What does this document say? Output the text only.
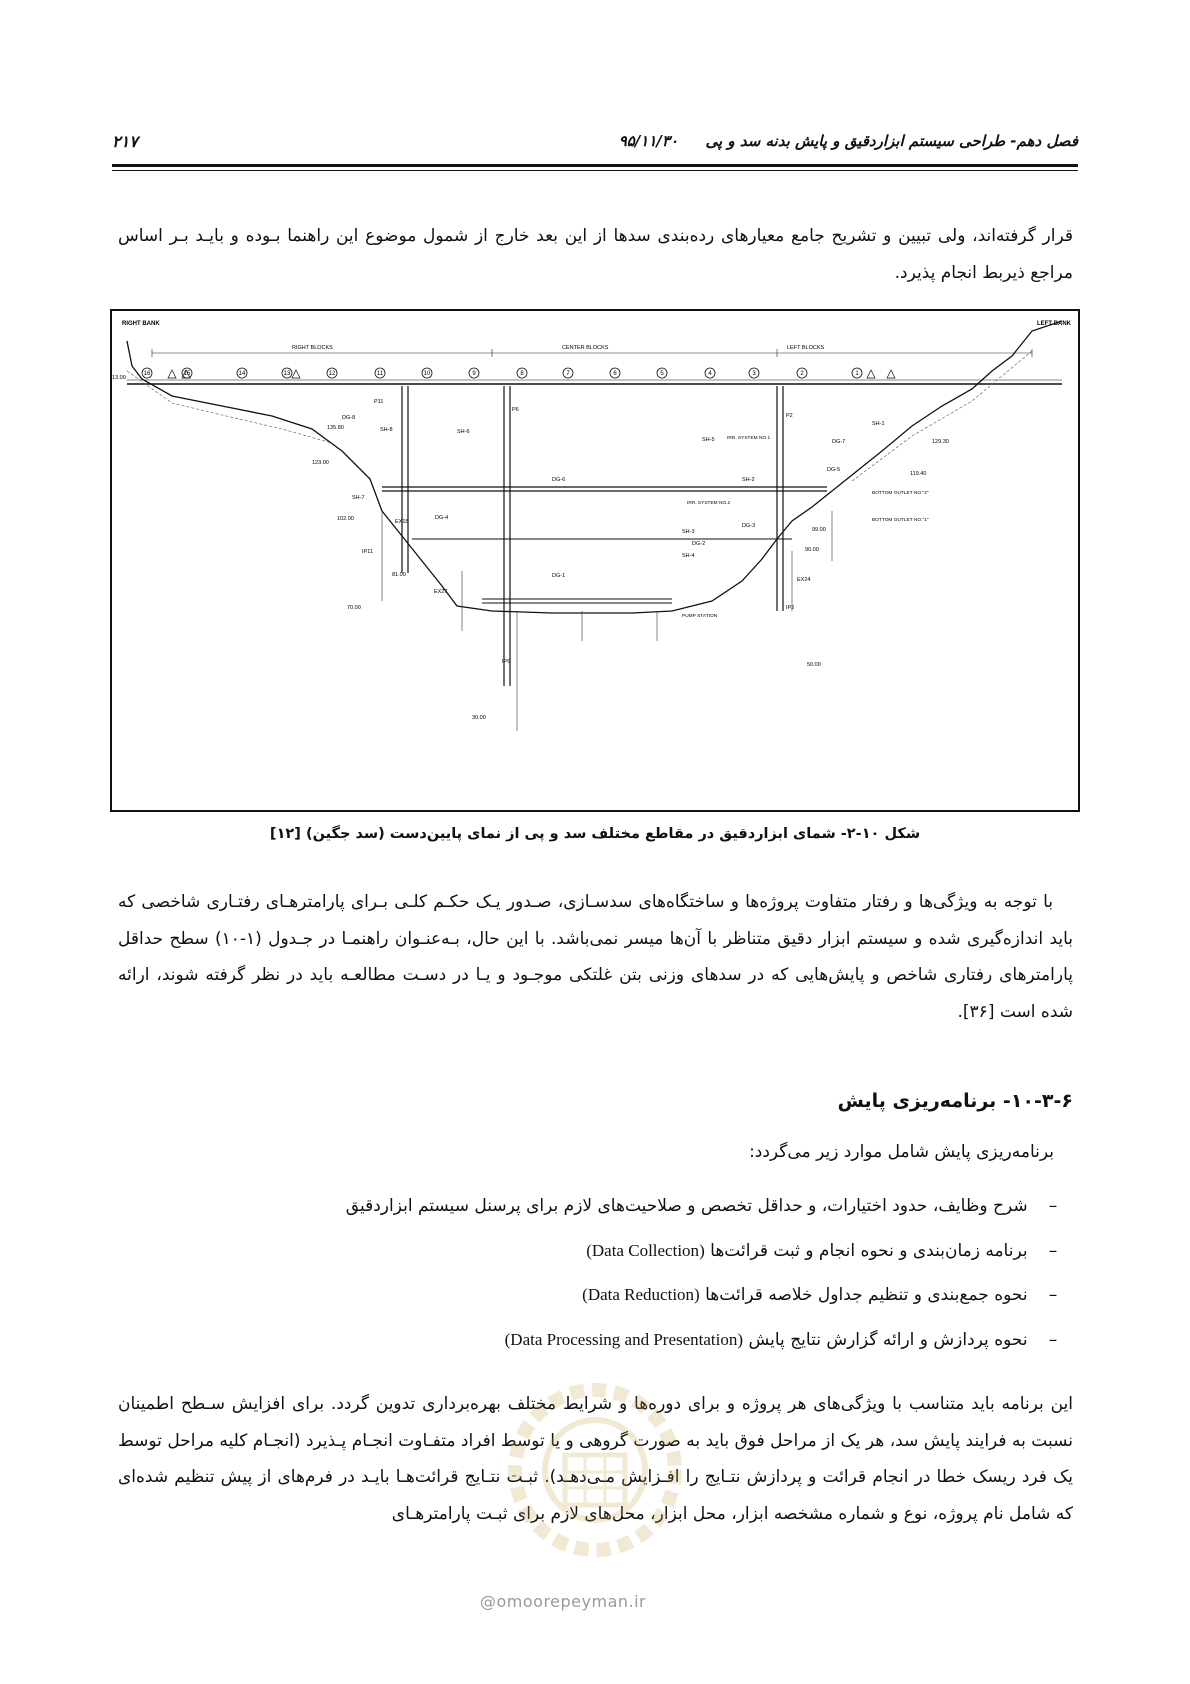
فصل دهم- طراحی سیستم ابزاردقیق و پایش بدنه سد و پی
۹۵/۱۱/۳۰
۲۱۷
قرار گرفته‌اند، ولی تبیین و تشریح جامع معیارهای رده‌بندی سدها از این بعد خارج از شمول موضوع این راهنما بـوده و بایـد بـر اساس مراجع ذیربط انجام پذیرد.
RIGHT BANK	LEFT BANK
RIGHT BLOCKS	CENTER BLOCKS	LEFT BLOCKS
16	15	14	13	12	11	10	9	8	7	6	5	4	3	2	1
13.00
135.80
123.00
102.00
81.00
70.00
30.00
129.30
119.40
99.00
90.00
50.00
P11
P6
P2
IP11
IP2
IP6
DG-8
DG-7
DG-6
DG-5
DG-4
DG-3
DG-2
DG-1
SH-8	SH-6
SH-7
SH-1
SH-5
SH-2
SH-3
SH-4
IRR. SYSTEM NO.1
IRR. SYSTEM NO.2
BOTTOM OUTLET NO."2"
BOTTOM OUTLET NO."1"
PUMP STATION
EX18
EX24
EX27
شکل ۱۰-۲- شمای ابزاردقیق در مقاطع مختلف سد و پی از نمای پایین‌دست (سد جگین) [۱۲]
با توجه به ویژگی‌ها و رفتار متفاوت پروژه‌ها و ساختگاه‌های سدسـازی، صـدور یـک حکـم کلـی بـرای پارامترهـای رفتـاری شاخصی که باید اندازه‌گیری شده و سیستم ابزار دقیق متناظر با آن‌ها میسر نمی‌باشد. با این حال، بـه‌عنـوان راهنمـا در جـدول (۱-۱۰) سطح حداقل پارامترهای رفتاری شاخص و پایش‌هایی که در سدهای وزنی بتن غلتکی موجـود و یـا در دسـت مطالعـه باید در نظر گرفته شوند، ارائه شده است [۳۶].
۱۰-۳-۶- برنامه‌ریزی پایش
برنامه‌ریزی پایش شامل موارد زیر می‌گردد:
– شرح وظایف، حدود اختیارات، و حداقل تخصص و صلاحیت‌های لازم برای پرسنل سیستم ابزاردقیق
– برنامه زمان‌بندی و نحوه انجام و ثبت قرائت‌ها (Data Collection)
– نحوه جمع‌بندی و تنظیم جداول خلاصه قرائت‌ها (Data Reduction)
– نحوه پردازش و ارائه گزارش نتایج پایش (Data Processing and Presentation)
این برنامه باید متناسب با ویژگی‌های هر پروژه و برای دوره‌ها و شرایط مختلف بهره‌برداری تدوین گردد. برای افزایش سـطح اطمینان نسبت به فرایند پایش سد، هر یک از مراحل فوق باید به صورت گروهی و یا توسط افراد متفـاوت انجـام پـذیرد (انجـام کلیه مراحل توسط یک فرد ریسک خطا در انجام قرائت و پردازش نتـایج را افـزایش مـی‌دهـد). ثبـت نتـایج قرائت‌هـا بایـد در فرم‌های از پیش تنظیم شده‌ای که شامل نام پروژه، نوع و شماره مشخصه ابزار، محل ابزار، محل‌های لازم برای ثبـت پارامترهـای
@omoorepeyman.ir
